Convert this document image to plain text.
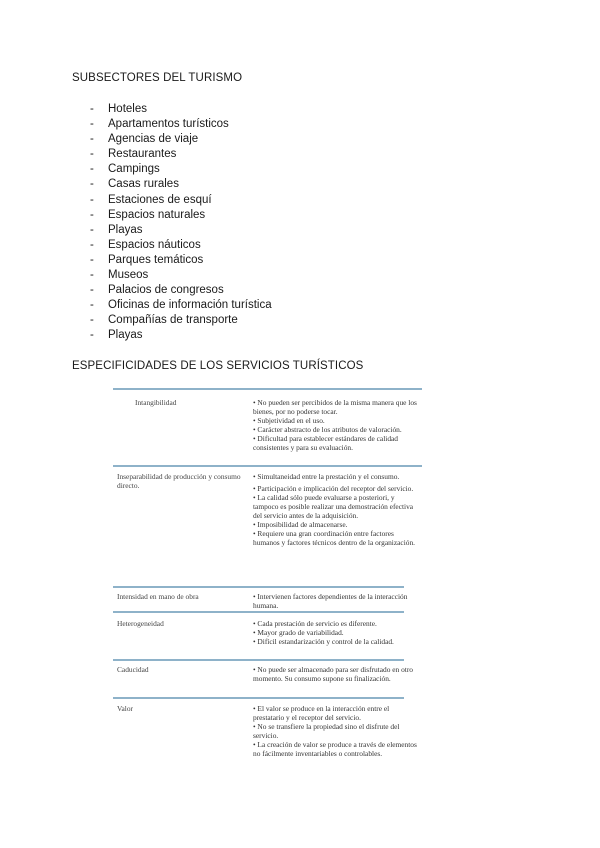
SUBSECTORES DEL TURISMO
- Hoteles
- Apartamentos turísticos
- Agencias de viaje
- Restaurantes
- Campings
- Casas rurales
- Estaciones de esquí
- Espacios naturales
- Playas
- Espacios náuticos
- Parques temáticos
- Museos
- Palacios de congresos
- Oficinas de información turística
- Compañías de transporte
- Playas
ESPECIFICIDADES DE LOS SERVICIOS TURÍSTICOS
Intangibilidad	• No pueden ser percibidos de la misma manera que los bienes, por no poderse tocar.
• Subjetividad en el uso.
• Carácter abstracto de los atributos de valoración.
• Dificultad para establecer estándares de calidad consistentes y para su evaluación.
Inseparabilidad de producción y consumo directo.
• Simultaneidad entre la prestación y el consumo.
• Participación e implicación del receptor del servicio.
• La calidad sólo puede evaluarse a posteriori, y tampoco es posible realizar una demostración efectiva del servicio antes de la adquisición.
• Imposibilidad de almacenarse.
• Requiere una gran coordinación entre factores humanos y factores técnicos dentro de la organización.
Intensidad en mano de obra	• Intervienen factores dependientes de la interacción humana.
Heterogeneidad	• Cada prestación de servicio es diferente.
• Mayor grado de variabilidad.
• Difícil estandarización y control de la calidad.
Caducidad	• No puede ser almacenado para ser disfrutado en otro momento. Su consumo supone su finalización.
Valor	• El valor se produce en la interacción entre el prestatario y el receptor del servicio.
• No se transfiere la propiedad sino el disfrute del servicio.
• La creación de valor se produce a través de elementos no fácilmente inventariables o controlables.
